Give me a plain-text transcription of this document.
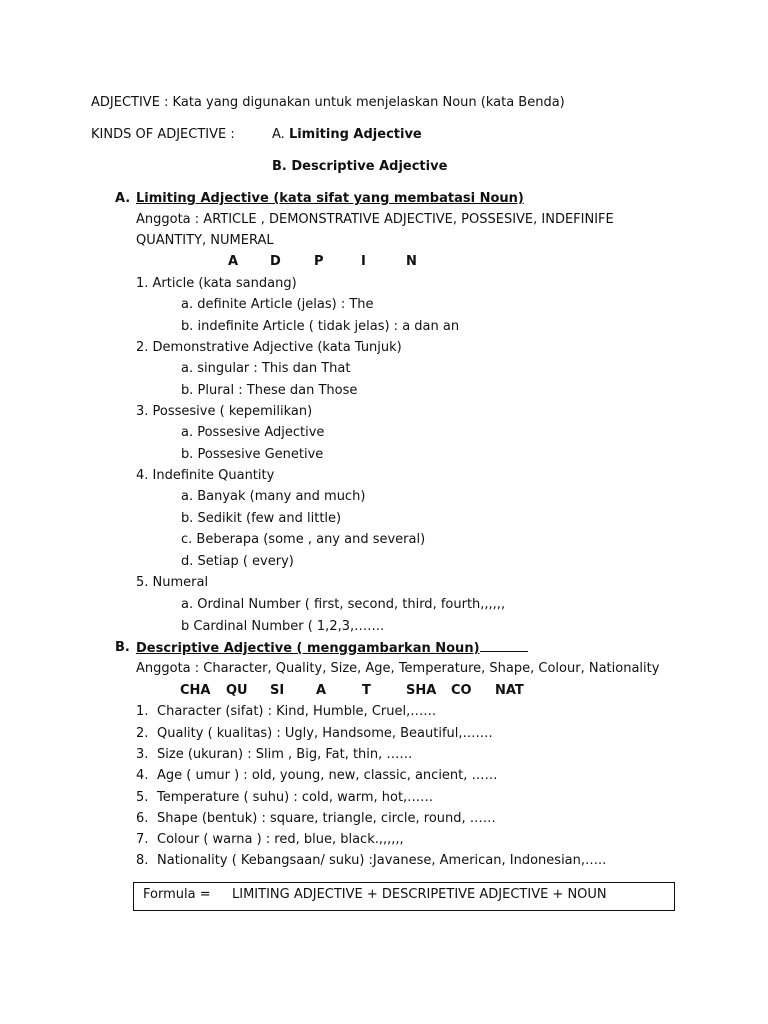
ADJECTIVE : Kata yang digunakan untuk menjelaskan Noun (kata Benda)
KINDS OF ADJECTIVE :	A. Limiting Adjective
B. Descriptive Adjective
A. Limiting Adjective (kata sifat yang membatasi Noun)
Anggota : ARTICLE , DEMONSTRATIVE ADJECTIVE, POSSESIVE, INDEFINIFE
QUANTITY, NUMERAL
A D	P	I	N
1. Article (kata sandang)
a. definite Article (jelas) : The
b. indefinite Article ( tidak jelas) : a dan an
2. Demonstrative Adjective (kata Tunjuk)
a. singular : This dan That
b. Plural : These dan Those
3. Possesive ( kepemilikan)
a. Possesive Adjective
b. Possesive Genetive
4. Indefinite Quantity
a. Banyak (many and much)
b. Sedikit (few and little)
c. Beberapa (some , any and several)
d. Setiap ( every)
5. Numeral
a. Ordinal Number ( first, second, third, fourth,,,,,,
b Cardinal Number ( 1,2,3,…….
B. Descriptive Adjective ( menggambarkan Noun)
Anggota : Character, Quality, Size, Age, Temperature, Shape, Colour, Nationality
CHA QU SI A	T	SHA CO NAT
1. Character (sifat) : Kind, Humble, Cruel,……
2. Quality ( kualitas) : Ugly, Handsome, Beautiful,…….
3. Size (ukuran) : Slim , Big, Fat, thin, ……
4. Age ( umur ) : old, young, new, classic, ancient, ……
5. Temperature ( suhu) : cold, warm, hot,……
6. Shape (bentuk) : square, triangle, circle, round, ……
7. Colour ( warna ) : red, blue, black.,,,,,,
8. Nationality ( Kebangsaan/ suku) :Javanese, American, Indonesian,…..
Formula = LIMITING ADJECTIVE + DESCRIPETIVE ADJECTIVE + NOUN
